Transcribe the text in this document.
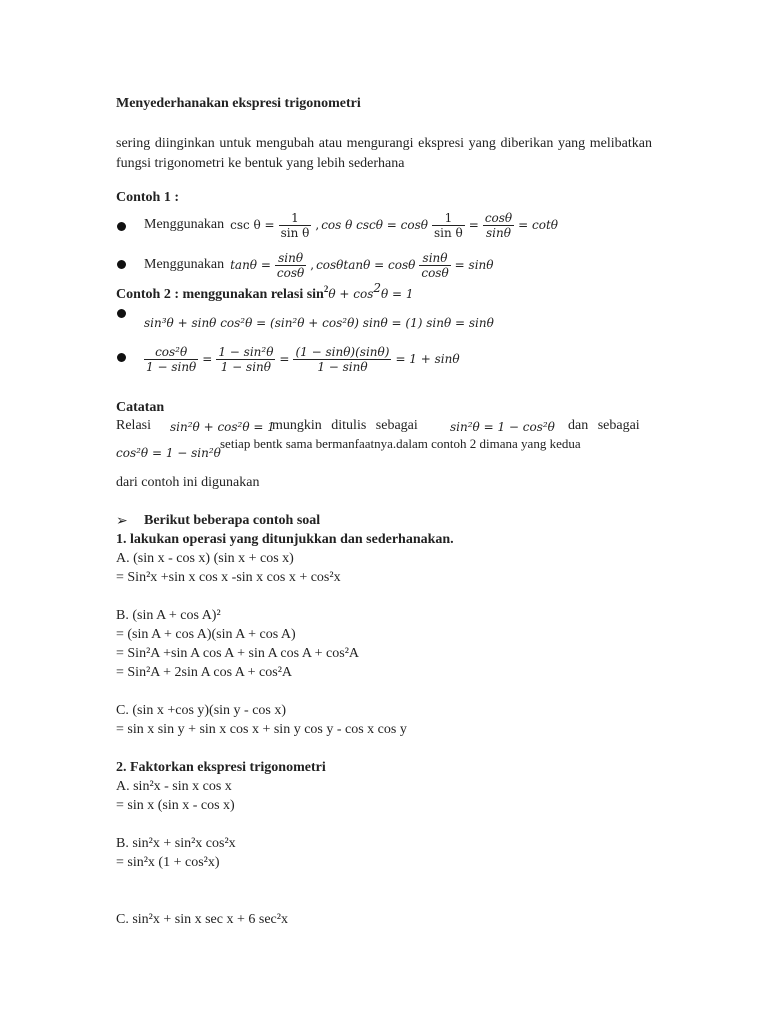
Menyederhanakan ekspresi trigonometri
sering diinginkan untuk mengubah atau mengurangi ekspresi yang diberikan yang melibatkan fungsi trigonometri ke bentuk yang lebih sederhana
Contoh 1 :
Menggunakan $\csc \theta = \frac{1}{\text{sin θ}}$ , cos θ cscθ = cosθ $\frac{1}{\text{sin θ}} = \frac{\cos\theta}{\sin\theta} = \cot\theta$
Menggunakan $\tan\theta = \frac{\sin\theta}{\cos\theta}$ , cosθtanθ = cosθ $\frac{\sin\theta}{\cos\theta} = \sin\theta$
Contoh 2 : menggunakan relasi $\sin^2\theta + \cos^2\theta = 1$
sin³θ + sinθ cos²θ = (sin²θ + cos²θ) sinθ = (1) sinθ = sinθ
$\frac{\text{cos²θ}}{1 - \sin\theta} = \frac{\text{1 − sin²θ}}{1 - \sin\theta} = \frac{(1 - \sin\theta)(\sin\theta)}{1 - \sin\theta} = 1 + \sin\theta$
Catatan
Relasi sin²θ + cos²θ = 1
mungkin ditulis sebagai	sin²θ = 1 − cos²θ dan sebagai
cos²θ = 1 − sin²θ
setiap bentk sama bermanfaatnya.dalam contoh 2 dimana yang kedua
dari contoh ini digunakan
➢ Berikut beberapa contoh soal
1. lakukan operasi yang ditunjukkan dan sederhanakan.
A. (sin x - cos x) (sin x + cos x)
= Sin²x +sin x cos x -sin x cos x + cos²x
B. (sin A + cos A)²
= (sin A + cos A)(sin A + cos A)
= Sin²A +sin A cos A + sin A cos A + cos²A
= Sin²A + 2sin A cos A + cos²A
C. (sin x +cos y)(sin y - cos x)
= sin x sin y + sin x cos x + sin y cos y - cos x cos y
2. Faktorkan ekspresi trigonometri
A. sin²x - sin x cos x
= sin x (sin x - cos x)
B. sin²x + sin²x cos²x
= sin²x (1 + cos²x)
C. sin²x + sin x sec x + 6 sec²x
